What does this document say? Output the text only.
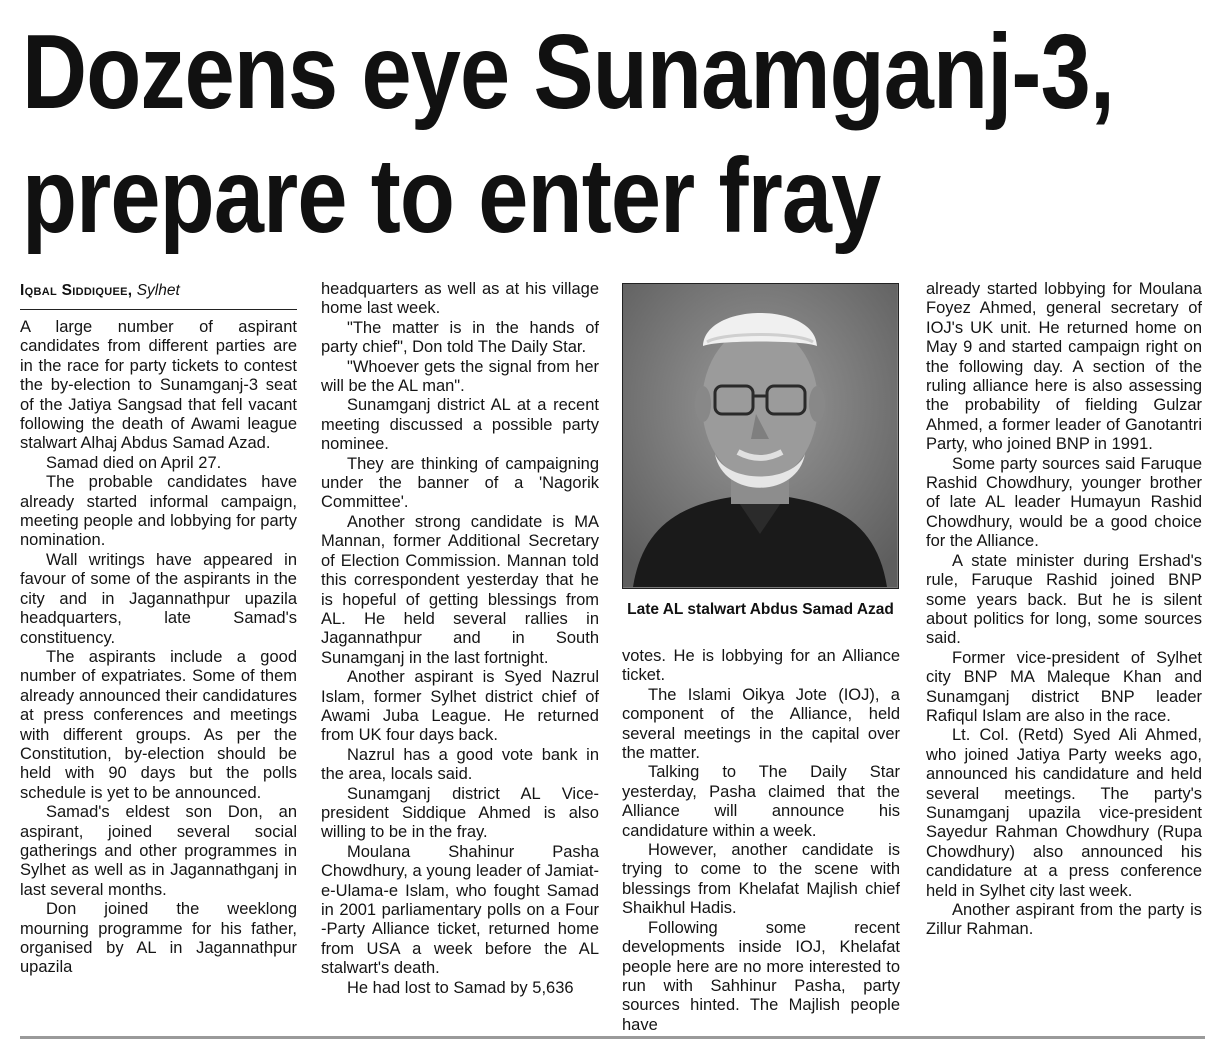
Dozens eye Sunamganj-3,
prepare to enter fray
Iqbal Siddiquee, Sylhet

A large number of aspirant candidates from different parties are in the race for party tickets to contest the by-election to Sunamganj-3 seat of the Jatiya Sangsad that fell vacant following the death of Awami league stalwart Alhaj Abdus Samad Azad.

Samad died on April 27.

The probable candidates have already started informal campaign, meeting people and lobbying for party nomination.

Wall writings have appeared in favour of some of the aspirants in the city and in Jagannathpur upazila headquarters, late Samad's constituency.

The aspirants include a good number of expatriates. Some of them already announced their candidatures at press conferences and meetings with different groups. As per the Constitution, by-election should be held with 90 days but the polls schedule is yet to be announced.

Samad's eldest son Don, an aspirant, joined several social gatherings and other programmes in Sylhet as well as in Jagannathganj in last several months.

Don joined the weeklong mourning programme for his father, organised by AL in Jagannathpur upazila

headquarters as well as at his village home last week.

"The matter is in the hands of party chief", Don told The Daily Star.

"Whoever gets the signal from her will be the AL man".

Sunamganj district AL at a recent meeting discussed a possible party nominee.

They are thinking of campaigning under the banner of a 'Nagorik Committee'.

Another strong candidate is MA Mannan, former Additional Secretary of Election Commission. Mannan told this correspondent yesterday that he is hopeful of getting blessings from AL. He held several rallies in Jagannathpur and in South Sunamganj in the last fortnight.

Another aspirant is Syed Nazrul Islam, former Sylhet district chief of Awami Juba League. He returned from UK four days back.

Nazrul has a good vote bank in the area, locals said.

Sunamganj district AL Vice-president Siddique Ahmed is also willing to be in the fray.

Moulana Shahinur Pasha Chowdhury, a young leader of Jamiat-e-Ulama-e Islam, who fought Samad in 2001 parliamentary polls on a Four -Party Alliance ticket, returned home from USA a week before the AL stalwart's death.

He had lost to Samad by 5,636

Late AL stalwart Abdus Samad Azad

votes. He is lobbying for an Alliance ticket.

The Islami Oikya Jote (IOJ), a component of the Alliance, held several meetings in the capital over the matter.

Talking to The Daily Star yesterday, Pasha claimed that the Alliance will announce his candidature within a week.

However, another candidate is trying to come to the scene with blessings from Khelafat Majlish chief Shaikhul Hadis.

Following some recent developments inside IOJ, Khelafat people here are no more interested to run with Sahhinur Pasha, party sources hinted. The Majlish people have

already started lobbying for Moulana Foyez Ahmed, general secretary of IOJ's UK unit. He returned home on May 9 and started campaign right on the following day. A section of the ruling alliance here is also assessing the probability of fielding Gulzar Ahmed, a former leader of Ganotantri Party, who joined BNP in 1991.

Some party sources said Faruque Rashid Chowdhury, younger brother of late AL leader Humayun Rashid Chowdhury, would be a good choice for the Alliance.

A state minister during Ershad's rule, Faruque Rashid joined BNP some years back. But he is silent about politics for long, some sources said.

Former vice-president of Sylhet city BNP MA Maleque Khan and Sunamganj district BNP leader Rafiqul Islam are also in the race.

Lt. Col. (Retd) Syed Ali Ahmed, who joined Jatiya Party weeks ago, announced his candidature and held several meetings. The party's Sunamganj upazila vice-president Sayedur Rahman Chowdhury (Rupa Chowdhury) also announced his candidature at a press conference held in Sylhet city last week.

Another aspirant from the party is Zillur Rahman.
